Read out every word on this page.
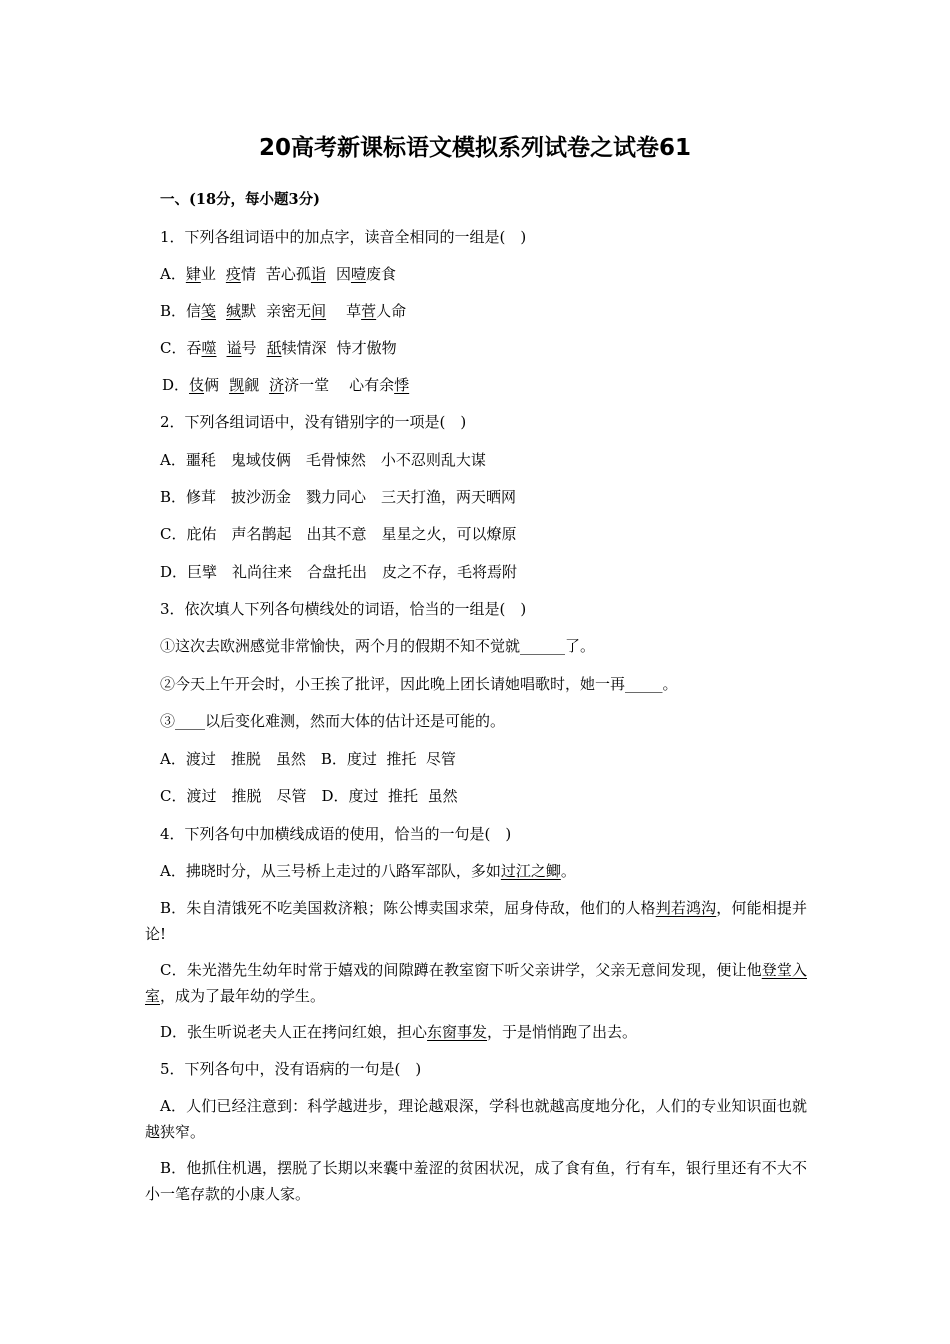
20高考新课标语文模拟系列试卷之试卷61
一、(18分，每小题3分)
1．下列各组词语中的加点字，读音全相同的一组是(　)
A．肄业 疫情 苦心孤诣 因噎废食
B．信笺 缄默 亲密无间 草菅人命
C．吞噬 谥号 舐犊情深 恃才傲物
D．伎俩 觊觎 济济一堂 心有余悸
2．下列各组词语中，没有错别字的一项是(　)
A．噩秏　鬼域伎俩　毛骨悚然　小不忍则乱大谋
B．修茸　披沙沥金　戮力同心　三天打渔，两天晒网
C．庇佑　声名鹊起　出其不意　星星之火，可以燎原
D．巨擘　礼尚往来　合盘托出　皮之不存，毛将焉附
3．依次填人下列各句横线处的词语，恰当的一组是(　)
①这次去欧洲感觉非常愉快，两个月的假期不知不觉就______了。
②今天上午开会时，小王挨了批评，因此晚上团长请她唱歌时，她一再_____。
③____以后变化难测，然而大体的估计还是可能的。
A．渡过　推脱　虽然　B．度过  推托  尽管
C．渡过　推脱　尽管　D．度过  推托  虽然
4．下列各句中加横线成语的使用，恰当的一句是(　)
A．拂晓时分，从三号桥上走过的八路军部队，多如过江之鲫。
B．朱自清饿死不吃美国救济粮；陈公博卖国求荣，屈身侍敌，他们的人格判若鸿沟，何能相提并论!
C．朱光潜先生幼年时常于嬉戏的间隙蹲在教室窗下听父亲讲学，父亲无意间发现，便让他登堂入室，成为了最年幼的学生。
D．张生听说老夫人正在拷问红娘，担心东窗事发，于是悄悄跑了出去。
5．下列各句中，没有语病的一句是(　)
A．人们已经注意到：科学越进步，理论越艰深，学科也就越高度地分化，人们的专业知识面也就越狭窄。
B．他抓住机遇，摆脱了长期以来囊中羞涩的贫困状况，成了食有鱼，行有车，银行里还有不大不小一笔存款的小康人家。
